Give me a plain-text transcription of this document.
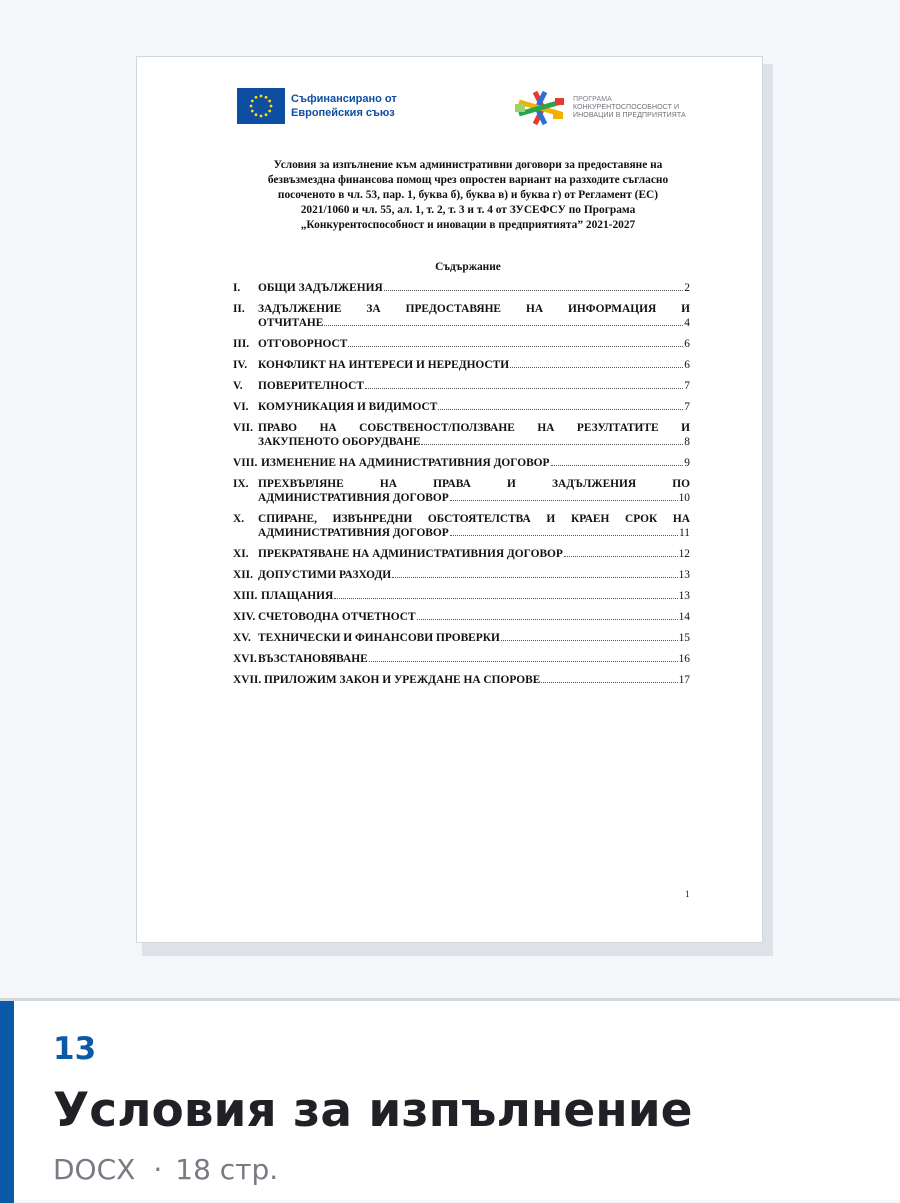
Съфинансирано от
Европейския съюз
ПРОГРАМА
КОНКУРЕНТОСПОСОБНОСТ И
ИНОВАЦИИ В ПРЕДПРИЯТИЯТА
Условия за изпълнение към административни договори за предоставяне на
безвъзмездна финансова помощ чрез опростен вариант на разходите съгласно
посоченото в чл. 53, пар. 1, буква б), буква в) и буква г) от Регламент (ЕС)
2021/1060 и чл. 55, ал. 1, т. 2, т. 3 и т. 4 от ЗУСЕФСУ по Програма
„Конкурентоспособност и иновации в предприятията” 2021-2027
Съдържание
I. ОБЩИ ЗАДЪЛЖЕНИЯ	2
II. ЗАДЪЛЖЕНИЕ ЗА ПРЕДОСТАВЯНЕ НА ИНФОРМАЦИЯ И
ОТЧИТАНЕ	4
III. ОТГОВОРНОСТ	6
IV. КОНФЛИКТ НА ИНТЕРЕСИ И НЕРЕДНОСТИ	6
V. ПОВЕРИТЕЛНОСТ	7
VI. КОМУНИКАЦИЯ И ВИДИМОСТ	7
VII. ПРАВО НА СОБСТВЕНОСТ/ПОЛЗВАНЕ НА РЕЗУЛТАТИТЕ И
ЗАКУПЕНОТО ОБОРУДВАНЕ	8
VIII. ИЗМЕНЕНИЕ НА АДМИНИСТРАТИВНИЯ ДОГОВОР	9
IX. ПРЕХВЪРЛЯНЕ НА ПРАВА И ЗАДЪЛЖЕНИЯ ПО
АДМИНИСТРАТИВНИЯ ДОГОВОР	10
X. СПИРАНЕ, ИЗВЪНРЕДНИ ОБСТОЯТЕЛСТВА И КРАЕН СРОК НА
АДМИНИСТРАТИВНИЯ ДОГОВОР	11
XI. ПРЕКРАТЯВАНЕ НА АДМИНИСТРАТИВНИЯ ДОГОВОР	12
XII. ДОПУСТИМИ РАЗХОДИ	13
XIII. ПЛАЩАНИЯ	13
XIV. СЧЕТОВОДНА ОТЧЕТНОСТ	14
XV. ТЕХНИЧЕСКИ И ФИНАНСОВИ ПРОВЕРКИ	15
XVI. ВЪЗСТАНОВЯВАНЕ	16
XVII. ПРИЛОЖИМ ЗАКОН И УРЕЖДАНЕ НА СПОРОВЕ	17
1
13
Условия за изпълнение
DOCX · 18 стр.
